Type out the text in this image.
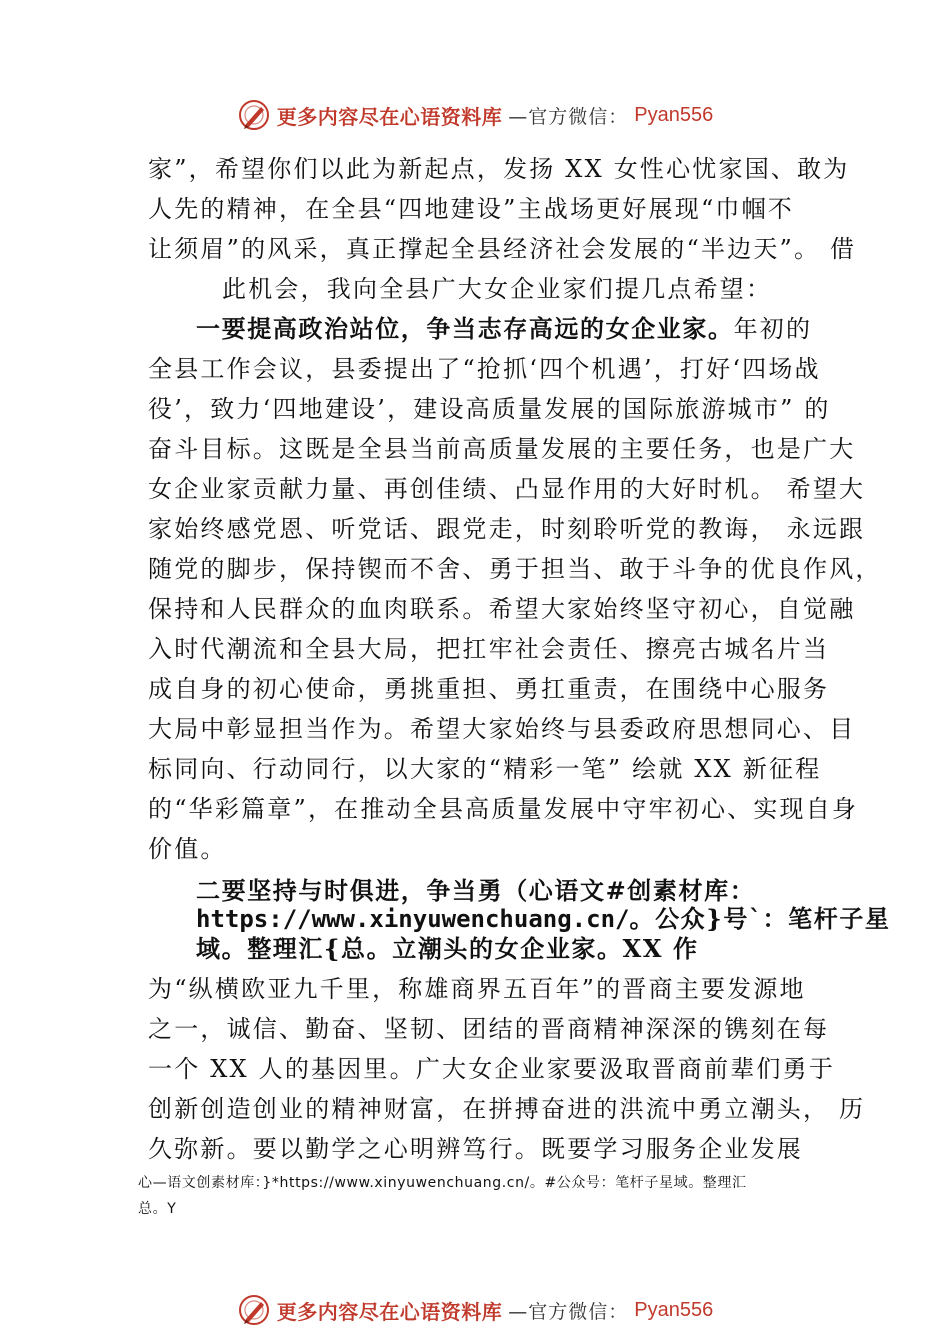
更多内容尽在心语资料库 —官方微信： Pyan556
家”，希望你们以此为新起点，发扬 XX 女性心忧家国、敢为
人先的精神，在全县“四地建设”主战场更好展现“巾帼不
让须眉”的风采，真正撑起全县经济社会发展的“半边天”。 借
此机会，我向全县广大女企业家们提几点希望：
一要提高政治站位，争当志存高远的女企业家。年初的
全县工作会议，县委提出了“抢抓‘四个机遇’，打好‘四场战
役’，致力‘四地建设’，建设高质量发展的国际旅游城市” 的
奋斗目标。这既是全县当前高质量发展的主要任务，也是广大
女企业家贡献力量、再创佳绩、凸显作用的大好时机。 希望大
家始终感党恩、听党话、跟党走，时刻聆听党的教诲， 永远跟
随党的脚步，保持锲而不舍、勇于担当、敢于斗争的优良作风，
保持和人民群众的血肉联系。希望大家始终坚守初心，自觉融
入时代潮流和全县大局，把扛牢社会责任、擦亮古城名片当
成自身的初心使命，勇挑重担、勇扛重责，在围绕中心服务
大局中彰显担当作为。希望大家始终与县委政府思想同心、目
标同向、行动同行，以大家的“精彩一笔” 绘就 XX 新征程
的“华彩篇章”，在推动全县高质量发展中守牢初心、实现自身
价值。
二要坚持与时俱进，争当勇（心语文#创素材库：
https://www.xinyuwenchuang.cn/。公众}号`：笔杆子星
域。整理汇{总。立潮头的女企业家。XX 作
为“纵横欧亚九千里，称雄商界五百年”的晋商主要发源地
之一，诚信、勤奋、坚韧、团结的晋商精神深深的镌刻在每
一个 XX 人的基因里。广大女企业家要汲取晋商前辈们勇于
创新创造创业的精神财富，在拼搏奋进的洪流中勇立潮头， 历
久弥新。要以勤学之心明辨笃行。既要学习服务企业发展
心—语文创素材库：}*https://www.xinyuwenchuang.cn/。#公众号：笔杆子星域。整理汇
总。Y
更多内容尽在心语资料库 —官方微信： Pyan556
